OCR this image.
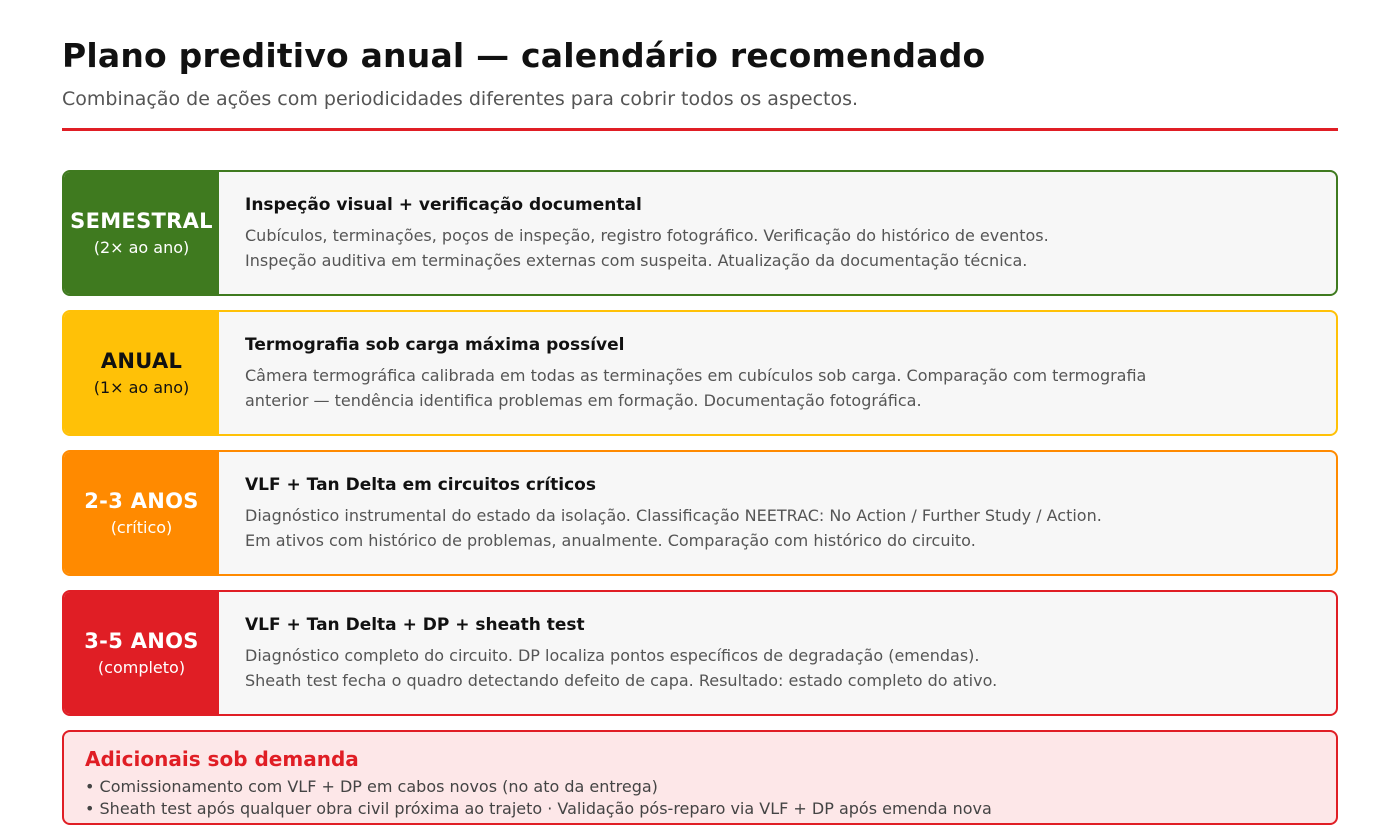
Plano preditivo anual — calendário recomendado
Combinação de ações com periodicidades diferentes para cobrir todos os aspectos.
SEMESTRAL
(2× ao ano)
Inspeção visual + verificação documental
Cubículos, terminações, poços de inspeção, registro fotográfico. Verificação do histórico de eventos.
Inspeção auditiva em terminações externas com suspeita. Atualização da documentação técnica.
ANUAL
(1× ao ano)
Termografia sob carga máxima possível
Câmera termográfica calibrada em todas as terminações em cubículos sob carga. Comparação com termografia
anterior — tendência identifica problemas em formação. Documentação fotográfica.
2-3 ANOS
(crítico)
VLF + Tan Delta em circuitos críticos
Diagnóstico instrumental do estado da isolação. Classificação NEETRAC: No Action / Further Study / Action.
Em ativos com histórico de problemas, anualmente. Comparação com histórico do circuito.
3-5 ANOS
(completo)
VLF + Tan Delta + DP + sheath test
Diagnóstico completo do circuito. DP localiza pontos específicos de degradação (emendas).
Sheath test fecha o quadro detectando defeito de capa. Resultado: estado completo do ativo.
Adicionais sob demanda
• Comissionamento com VLF + DP em cabos novos (no ato da entrega)
• Sheath test após qualquer obra civil próxima ao trajeto · Validação pós-reparo via VLF + DP após emenda nova
